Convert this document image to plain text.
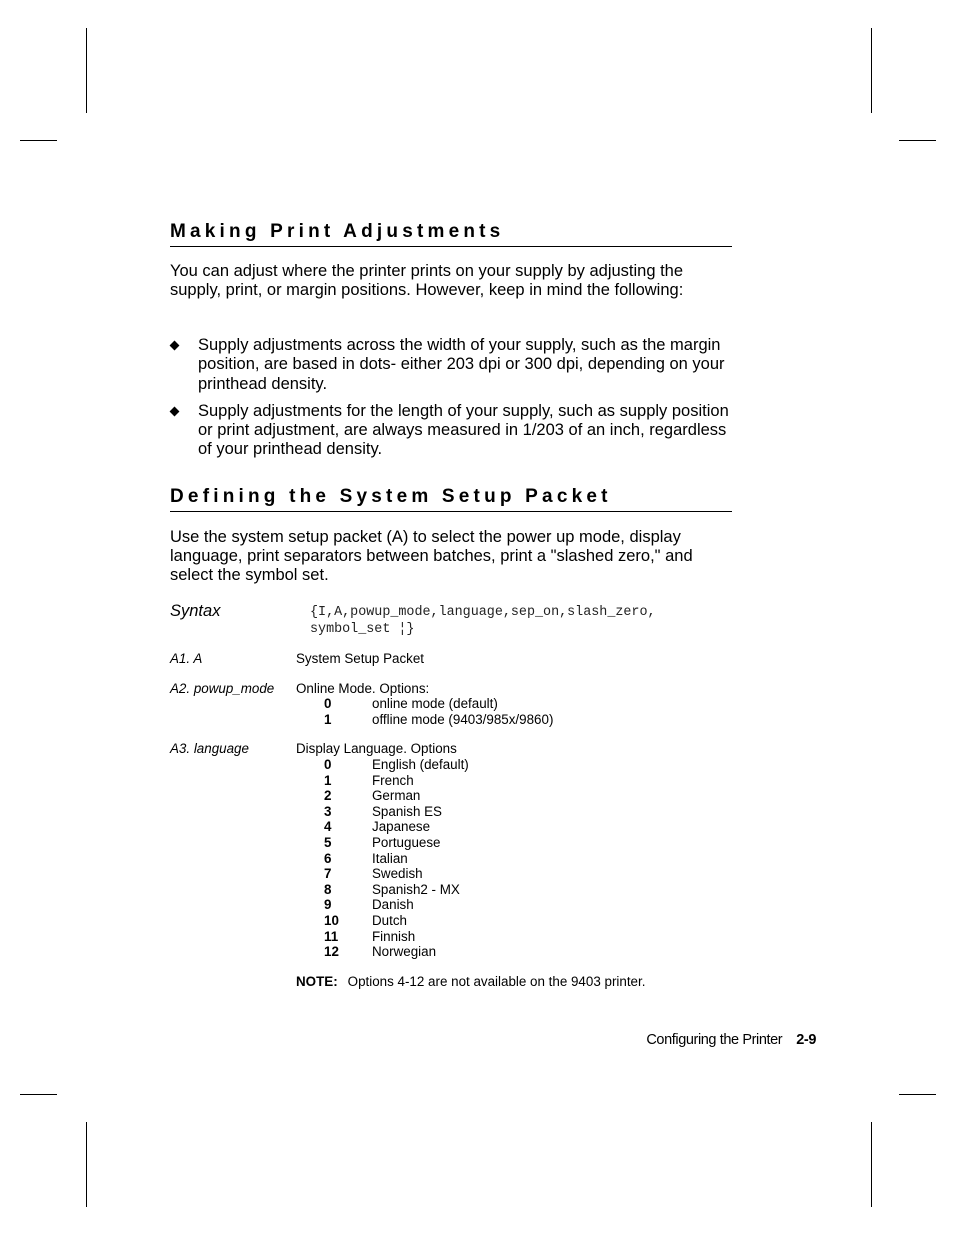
Making Print Adjustments

You can adjust where the printer prints on your supply by adjusting the supply, print, or margin positions. However, keep in mind the following:

Supply adjustments across the width of your supply, such as the margin position, are based in dots- either 203 dpi or 300 dpi, depending on your printhead density.
Supply adjustments for the length of your supply, such as supply position or print adjustment, are always measured in 1/203 of an inch, regardless of your printhead density.
Defining the System Setup Packet

Use the system setup packet (A) to select the power up mode, display language, print separators between batches, print a "slashed zero," and select the symbol set.

Syntax	{I,A,powup_mode,language,sep_on,slash_zero,
symbol_set ¦}
A1. A	System Setup Packet
A2. powup_mode Online Mode. Options:
0	online mode (default)
1	offline mode (9403/985x/9860)
A3. language	Display Language. Options
0	English (default)
1	French
2	German
3	Spanish ES
4	Japanese
5	Portuguese
6	Italian
7	Swedish
8	Spanish2 - MX
9	Danish
10 Dutch
11	Finnish
12 Norwegian
NOTE: Options 4-12 are not available on the 9403 printer.
Configuring the Printer 2-9
